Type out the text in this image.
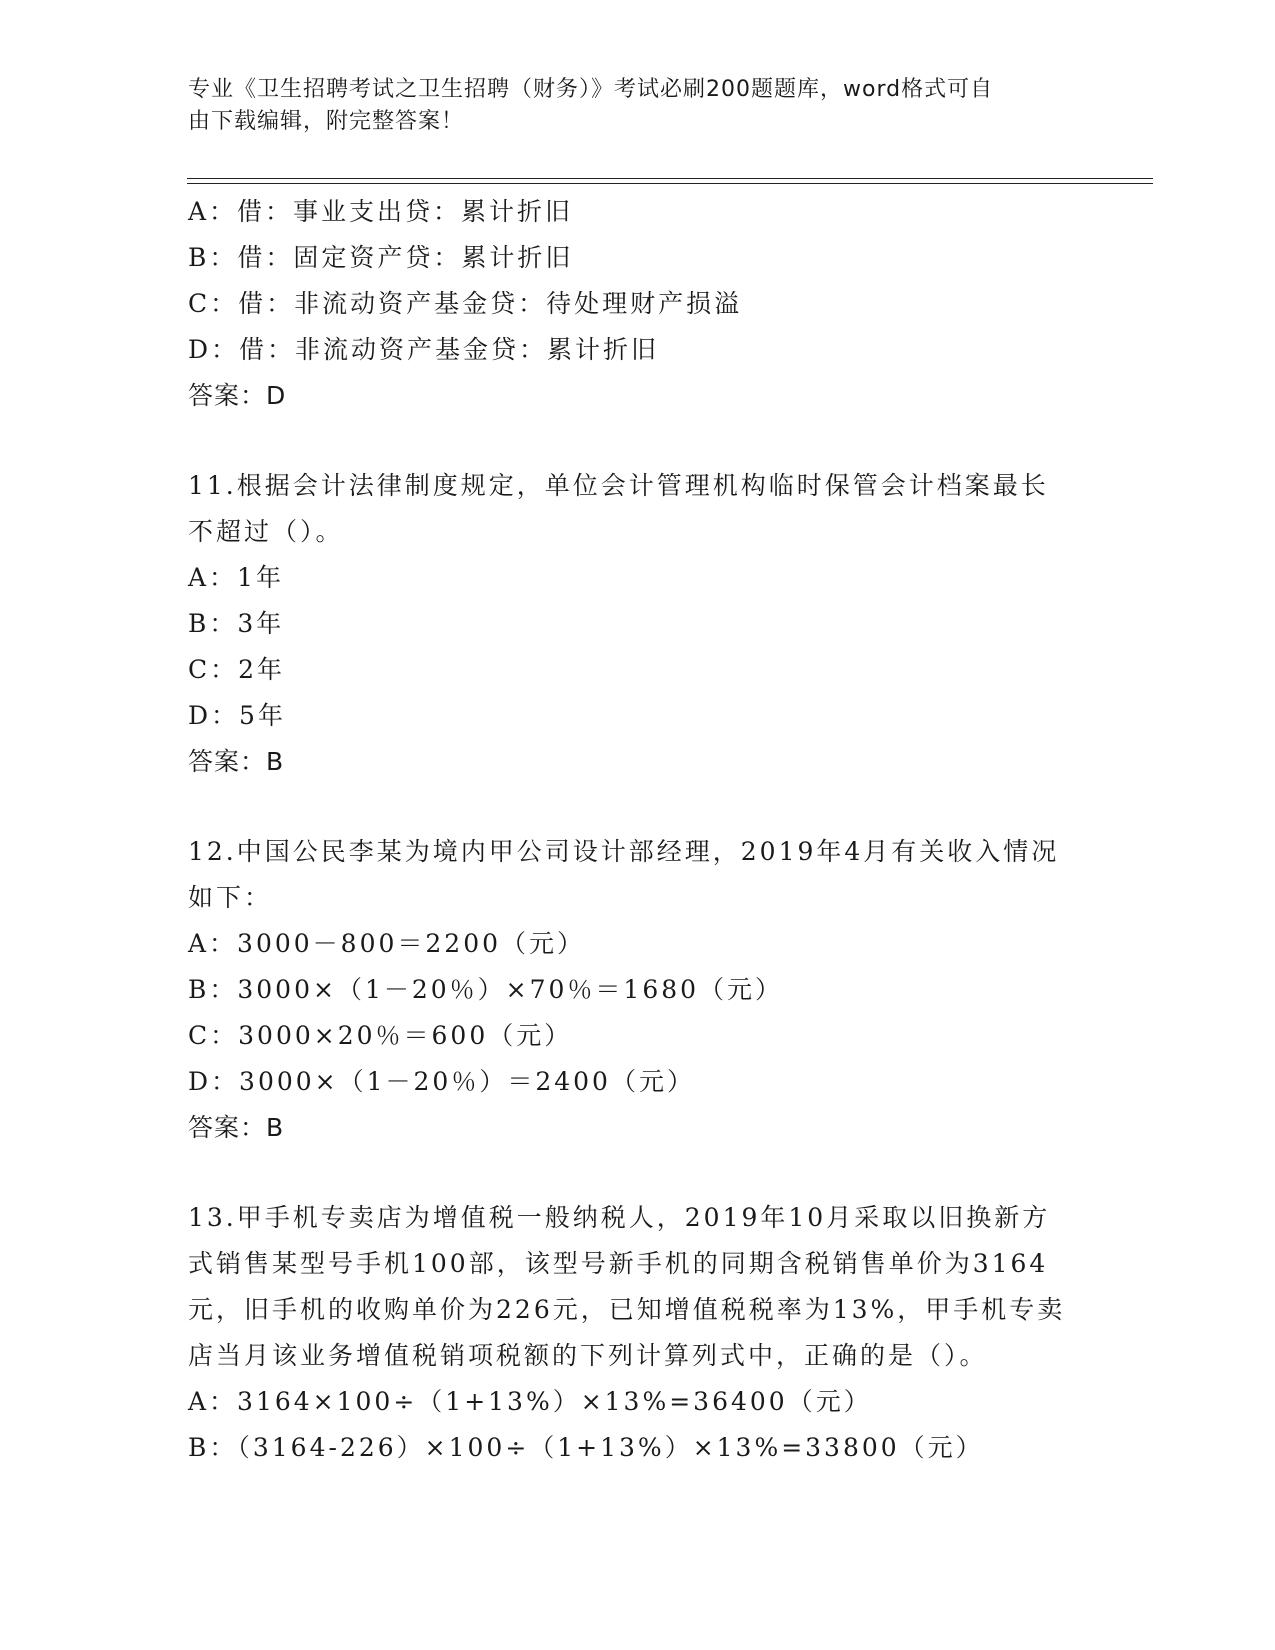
专业《卫生招聘考试之卫生招聘（财务）》考试必刷200题题库，word格式可自
由下载编辑，附完整答案！
A：借：事业支出贷：累计折旧
B：借：固定资产贷：累计折旧
C：借：非流动资产基金贷：待处理财产损溢
D：借：非流动资产基金贷：累计折旧
答案：D
11.根据会计法律制度规定，单位会计管理机构临时保管会计档案最长
不超过（）。
A：1年
B：3年
C：2年
D：5年
答案：B
12.中国公民李某为境内甲公司设计部经理，2019年4月有关收入情况
如下：
A：3000－800＝2200（元）
B：3000×（1－20％）×70％＝1680（元）
C：3000×20％＝600（元）
D：3000×（1－20％）＝2400（元）
答案：B
13.甲手机专卖店为增值税一般纳税人，2019年10月采取以旧换新方
式销售某型号手机100部，该型号新手机的同期含税销售单价为3164
元，旧手机的收购单价为226元，已知增值税税率为13%，甲手机专卖
店当月该业务增值税销项税额的下列计算列式中，正确的是（）。
A：3164×100÷（1+13%）×13%=36400（元）
B：（3164-226）×100÷（1+13%）×13%=33800（元）
